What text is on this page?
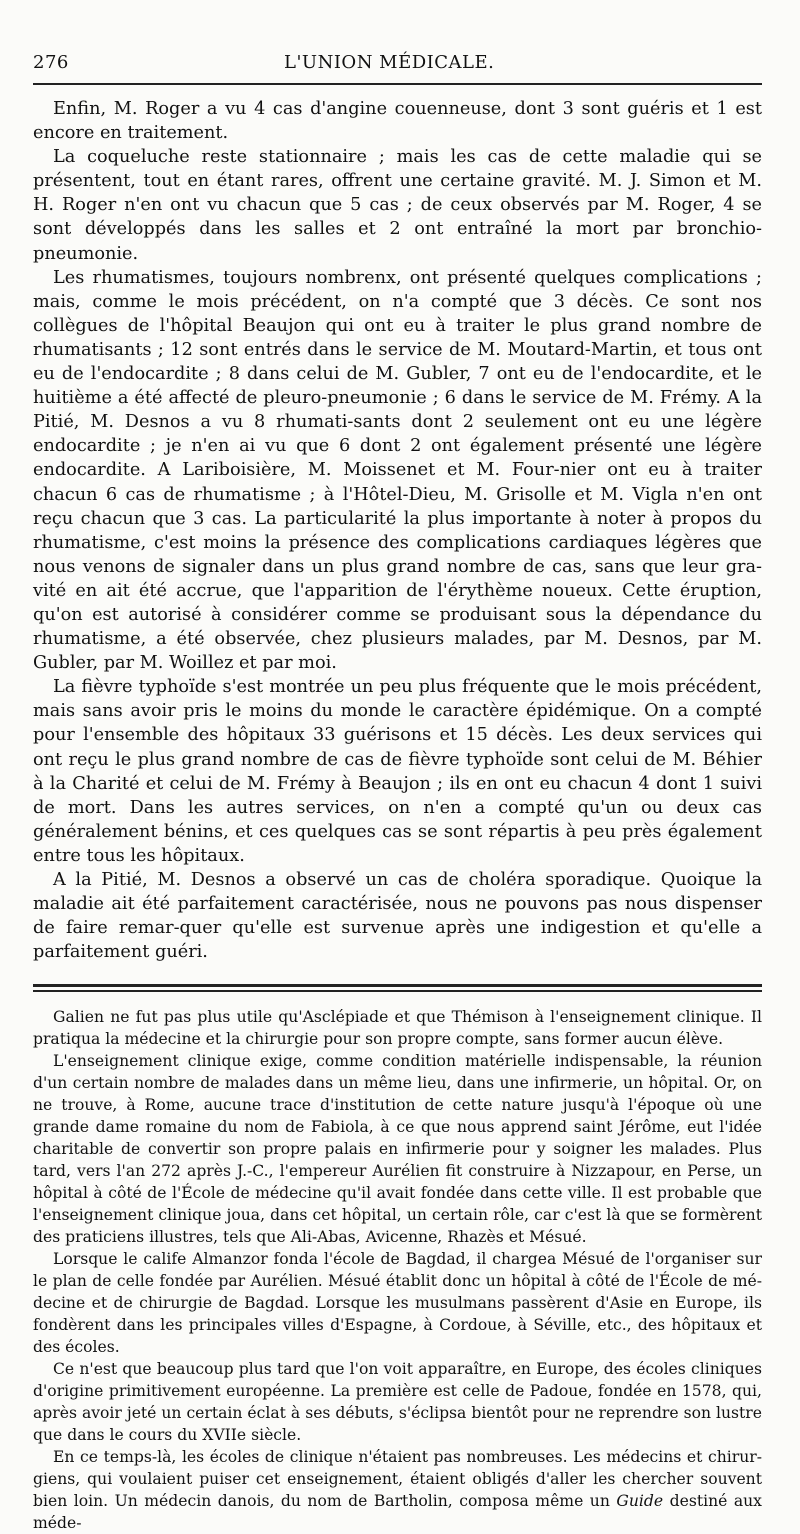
276	L'UNION MÉDICALE.

Enfin, M. Roger a vu 4 cas d'angine couenneuse, dont 3 sont guéris et 1 est encore en traitement.

La coqueluche reste stationnaire ; mais les cas de cette maladie qui se présentent, tout en étant rares, offrent une certaine gravité. M. J. Simon et M. H. Roger n'en ont vu chacun que 5 cas ; de ceux observés par M. Roger, 4 se sont développés dans les salles et 2 ont entraîné la mort par bronchio-pneumonie.

Les rhumatismes, toujours nombrenx, ont présenté quelques complications ; mais, comme le mois précédent, on n'a compté que 3 décès. Ce sont nos collègues de l'hôpital Beaujon qui ont eu à traiter le plus grand nombre de rhumatisants ; 12 sont entrés dans le service de M. Moutard-Martin, et tous ont eu de l'endocardite ; 8 dans celui de M. Gubler, 7 ont eu de l'endocardite, et le huitième a été affecté de pleuro-pneumonie ; 6 dans le service de M. Frémy. A la Pitié, M. Desnos a vu 8 rhumati-sants dont 2 seulement ont eu une légère endocardite ; je n'en ai vu que 6 dont 2 ont également présenté une légère endocardite. A Lariboisière, M. Moissenet et M. Four-nier ont eu à traiter chacun 6 cas de rhumatisme ; à l'Hôtel-Dieu, M. Grisolle et M. Vigla n'en ont reçu chacun que 3 cas. La particularité la plus importante à noter à propos du rhumatisme, c'est moins la présence des complications cardiaques légères que nous venons de signaler dans un plus grand nombre de cas, sans que leur gra-vité en ait été accrue, que l'apparition de l'érythème noueux. Cette éruption, qu'on est autorisé à considérer comme se produisant sous la dépendance du rhumatisme, a été observée, chez plusieurs malades, par M. Desnos, par M. Gubler, par M. Woillez et par moi.

La fièvre typhoïde s'est montrée un peu plus fréquente que le mois précédent, mais sans avoir pris le moins du monde le caractère épidémique. On a compté pour l'ensemble des hôpitaux 33 guérisons et 15 décès. Les deux services qui ont reçu le plus grand nombre de cas de fièvre typhoïde sont celui de M. Béhier à la Charité et celui de M. Frémy à Beaujon ; ils en ont eu chacun 4 dont 1 suivi de mort. Dans les autres services, on n'en a compté qu'un ou deux cas généralement bénins, et ces quelques cas se sont répartis à peu près également entre tous les hôpitaux.

A la Pitié, M. Desnos a observé un cas de choléra sporadique. Quoique la maladie ait été parfaitement caractérisée, nous ne pouvons pas nous dispenser de faire remar-quer qu'elle est survenue après une indigestion et qu'elle a parfaitement guéri.

Galien ne fut pas plus utile qu'Asclépiade et que Thémison à l'enseignement clinique. Il pratiqua la médecine et la chirurgie pour son propre compte, sans former aucun élève.

L'enseignement clinique exige, comme condition matérielle indispensable, la réunion d'un certain nombre de malades dans un même lieu, dans une infirmerie, un hôpital. Or, on ne trouve, à Rome, aucune trace d'institution de cette nature jusqu'à l'époque où une grande dame romaine du nom de Fabiola, à ce que nous apprend saint Jérôme, eut l'idée charitable de convertir son propre palais en infirmerie pour y soigner les malades. Plus tard, vers l'an 272 après J.-C., l'empereur Aurélien fit construire à Nizzapour, en Perse, un hôpital à côté de l'École de médecine qu'il avait fondée dans cette ville. Il est probable que l'enseignement clinique joua, dans cet hôpital, un certain rôle, car c'est là que se formèrent des praticiens illustres, tels que Ali-Abas, Avicenne, Rhazès et Mésué.

Lorsque le calife Almanzor fonda l'école de Bagdad, il chargea Mésué de l'organiser sur le plan de celle fondée par Aurélien. Mésué établit donc un hôpital à côté de l'École de mé-decine et de chirurgie de Bagdad. Lorsque les musulmans passèrent d'Asie en Europe, ils fondèrent dans les principales villes d'Espagne, à Cordoue, à Séville, etc., des hôpitaux et des écoles.

Ce n'est que beaucoup plus tard que l'on voit apparaître, en Europe, des écoles cliniques d'origine primitivement européenne. La première est celle de Padoue, fondée en 1578, qui, après avoir jeté un certain éclat à ses débuts, s'éclipsa bientôt pour ne reprendre son lustre que dans le cours du XVIIe siècle.

En ce temps-là, les écoles de clinique n'étaient pas nombreuses. Les médecins et chirur-giens, qui voulaient puiser cet enseignement, étaient obligés d'aller les chercher souvent bien loin. Un médecin danois, du nom de Bartholin, composa même un Guide destiné aux méde-
